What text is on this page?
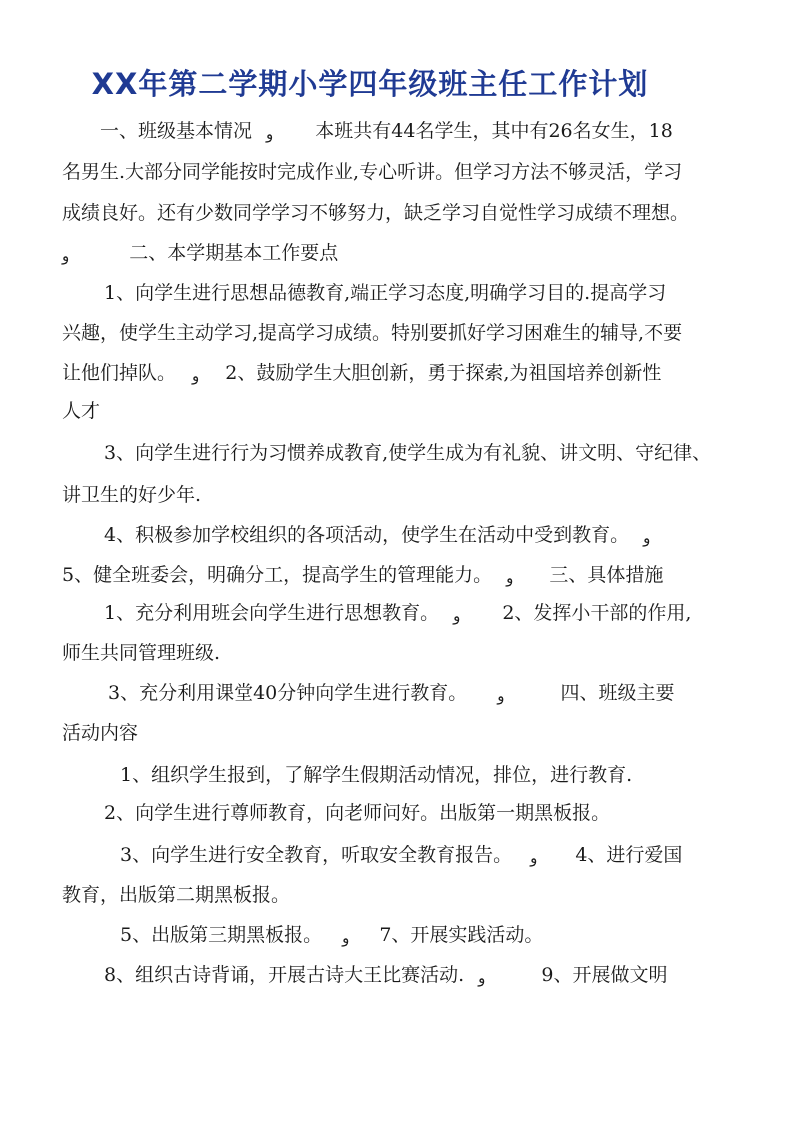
XX年第二学期小学四年级班主任工作计划
一、班级基本情况 و 本班共有44名学生，其中有26名女生，18
名男生.大部分同学能按时完成作业,专心听讲。但学习方法不够灵活，学习
成绩良好。还有少数同学学习不够努力，缺乏学习自觉性学习成绩不理想。
و	二、本学期基本工作要点
1、向学生进行思想品德教育,端正学习态度,明确学习目的.提高学习
兴趣，使学生主动学习,提高学习成绩。特别要抓好学习困难生的辅导,不要
让他们掉队。 و 2、鼓励学生大胆创新，勇于探索,为祖国培养创新性
人才
3、向学生进行行为习惯养成教育,使学生成为有礼貌、讲文明、守纪律、
讲卫生的好少年.
4、积极参加学校组织的各项活动，使学生在活动中受到教育。 و
5、健全班委会，明确分工，提高学生的管理能力。 و 三、具体措施
1、充分利用班会向学生进行思想教育。 و 2、发挥小干部的作用,
师生共同管理班级.
3、充分利用课堂40分钟向学生进行教育。 و	四、班级主要
活动内容
1、组织学生报到，了解学生假期活动情况，排位，进行教育.
2、向学生进行尊师教育，向老师问好。出版第一期黑板报。
3、向学生进行安全教育，听取安全教育报告。 و 4、进行爱国
教育，出版第二期黑板报。
5、出版第三期黑板报。 و 7、开展实践活动。
8、组织古诗背诵，开展古诗大王比赛活动. و	9、开展做文明
